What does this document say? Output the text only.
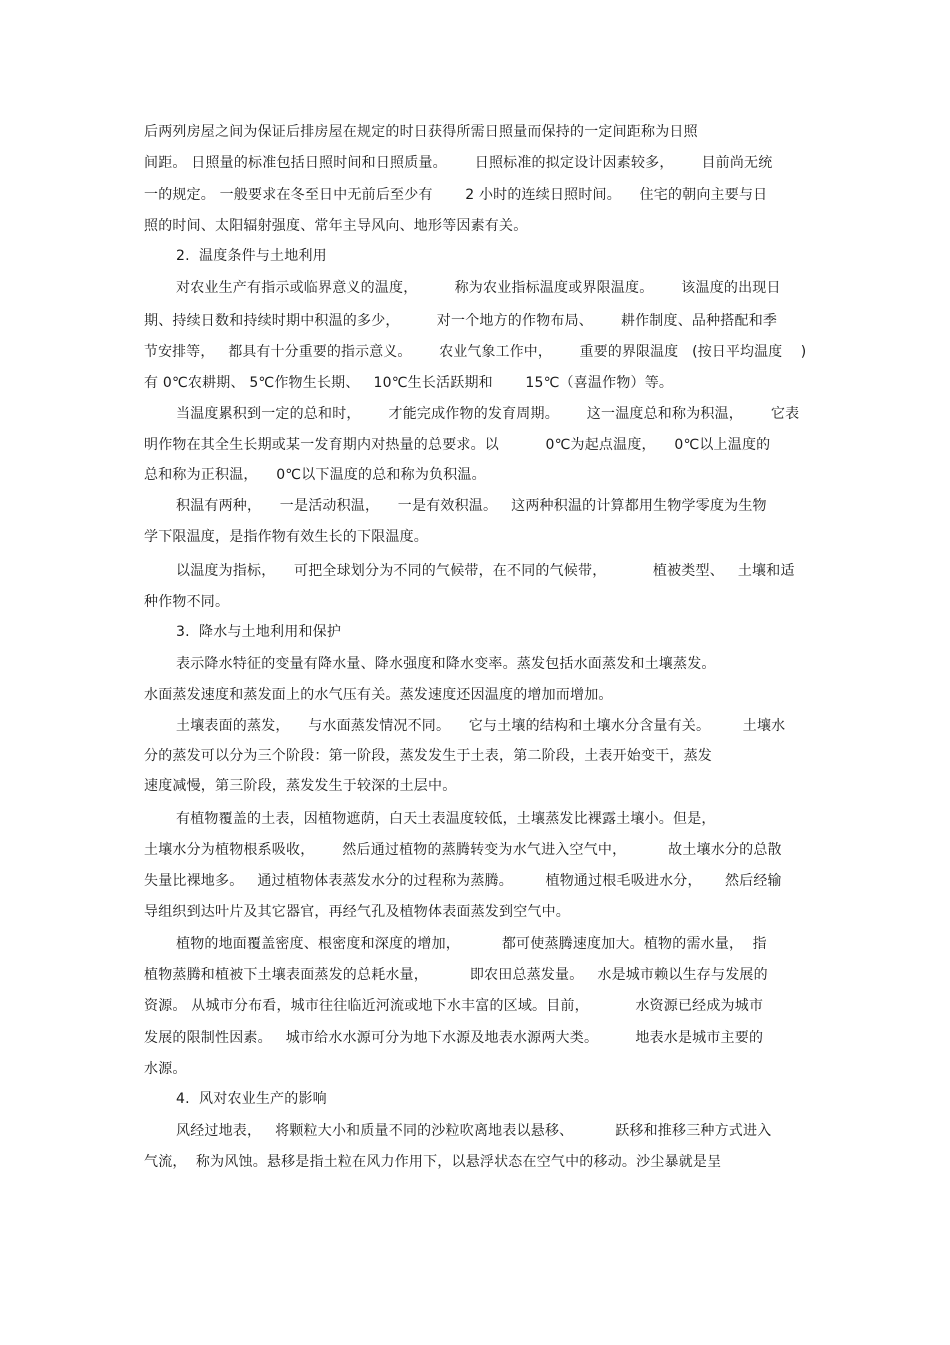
后两列房屋之间为保证后排房屋在规定的时日获得所需日照量而保持的一定间距称为日照
间距。 日照量的标准包括日照时间和日照质量。      日照标准的拟定设计因素较多，      目前尚无统
一的规定。 一般要求在冬至日中无前后至少有       2 小时的连续日照时间。    住宅的朝向主要与日
照的时间、太阳辐射强度、常年主导风向、地形等因素有关。
2.  温度条件与土地利用
对农业生产有指示或临界意义的温度，        称为农业指标温度或界限温度。      该温度的出现日
期、持续日数和持续时期中积温的多少，        对一个地方的作物布局、      耕作制度、品种搭配和季
节安排等，   都具有十分重要的指示意义。      农业气象工作中，      重要的界限温度   (按日平均温度    )
有 0℃农耕期、 5℃作物生长期、   10℃生长活跃期和       15℃（喜温作物）等。
当温度累积到一定的总和时，      才能完成作物的发育周期。      这一温度总和称为积温，      它表
明作物在其全生长期或某一发育期内对热量的总要求。以          0℃为起点温度，    0℃以上温度的
总和称为正积温，    0℃以下温度的总和称为负积温。
积温有两种，    一是活动积温，    一是有效积温。   这两种积温的计算都用生物学零度为生物
学下限温度，是指作物有效生长的下限温度。
以温度为指标，    可把全球划分为不同的气候带，在不同的气候带，          植被类型、   土壤和适
种作物不同。
3.  降水与土地利用和保护
表示降水特征的变量有降水量、降水强度和降水变率。蒸发包括水面蒸发和土壤蒸发。
水面蒸发速度和蒸发面上的水气压有关。蒸发速度还因温度的增加而增加。
土壤表面的蒸发，    与水面蒸发情况不同。    它与土壤的结构和土壤水分含量有关。       土壤水
分的蒸发可以分为三个阶段：第一阶段，蒸发发生于土表，第二阶段，土表开始变干，蒸发
速度减慢，第三阶段，蒸发发生于较深的土层中。
有植物覆盖的土表，因植物遮荫，白天土表温度较低，土壤蒸发比裸露土壤小。但是，
土壤水分为植物根系吸收，      然后通过植物的蒸腾转变为水气进入空气中，         故土壤水分的总散
失量比裸地多。   通过植物体表蒸发水分的过程称为蒸腾。       植物通过根毛吸进水分，     然后经输
导组织到达叶片及其它器官，再经气孔及植物体表面蒸发到空气中。
植物的地面覆盖密度、根密度和深度的增加，         都可使蒸腾速度加大。植物的需水量，  指
植物蒸腾和植被下土壤表面蒸发的总耗水量，         即农田总蒸发量。   水是城市赖以生存与发展的
资源。 从城市分布看，城市往往临近河流或地下水丰富的区域。目前，          水资源已经成为城市
发展的限制性因素。   城市给水水源可分为地下水源及地表水源两大类。        地表水是城市主要的
水源。
4.  风对农业生产的影响
风经过地表，   将颗粒大小和质量不同的沙粒吹离地表以悬移、         跃移和推移三种方式进入
气流，  称为风蚀。悬移是指土粒在风力作用下，以悬浮状态在空气中的移动。沙尘暴就是呈
